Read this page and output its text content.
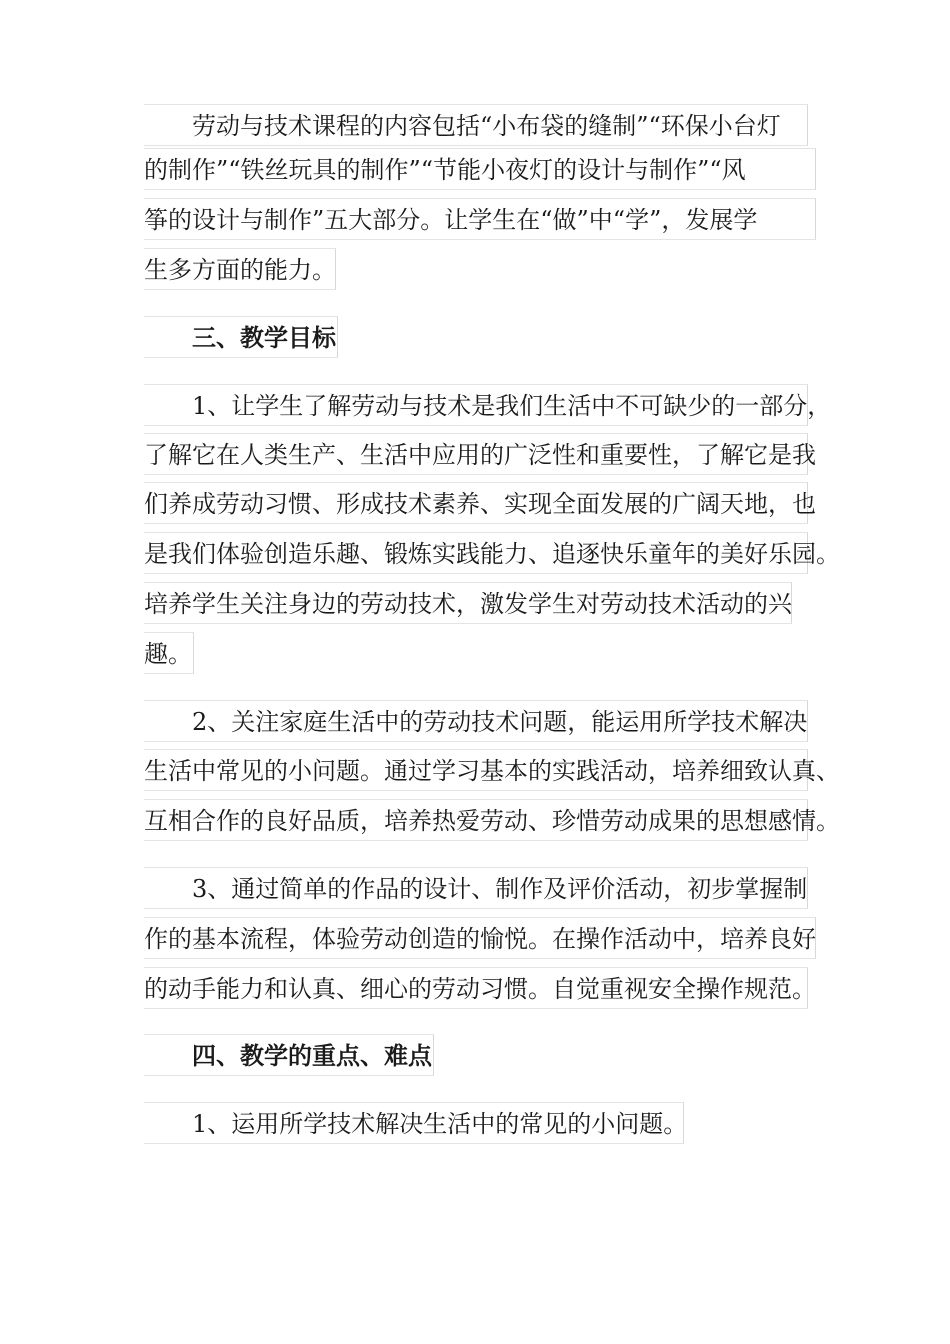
劳动与技术课程的内容包括“小布袋的缝制”“环保小台灯
的制作”“铁丝玩具的制作”“节能小夜灯的设计与制作”“风
筝的设计与制作”五大部分。让学生在“做”中“学”，发展学
生多方面的能力。
三、教学目标
1、让学生了解劳动与技术是我们生活中不可缺少的一部分，
了解它在人类生产、生活中应用的广泛性和重要性，了解它是我
们养成劳动习惯、形成技术素养、实现全面发展的广阔天地，也
是我们体验创造乐趣、锻炼实践能力、追逐快乐童年的美好乐园。
培养学生关注身边的劳动技术，激发学生对劳动技术活动的兴
趣。
2、关注家庭生活中的劳动技术问题，能运用所学技术解决
生活中常见的小问题。通过学习基本的实践活动，培养细致认真、
互相合作的良好品质，培养热爱劳动、珍惜劳动成果的思想感情。
3、通过简单的作品的设计、制作及评价活动，初步掌握制
作的基本流程，体验劳动创造的愉悦。在操作活动中，培养良好
的动手能力和认真、细心的劳动习惯。自觉重视安全操作规范。
四、教学的重点、难点
1、运用所学技术解决生活中的常见的小问题。
